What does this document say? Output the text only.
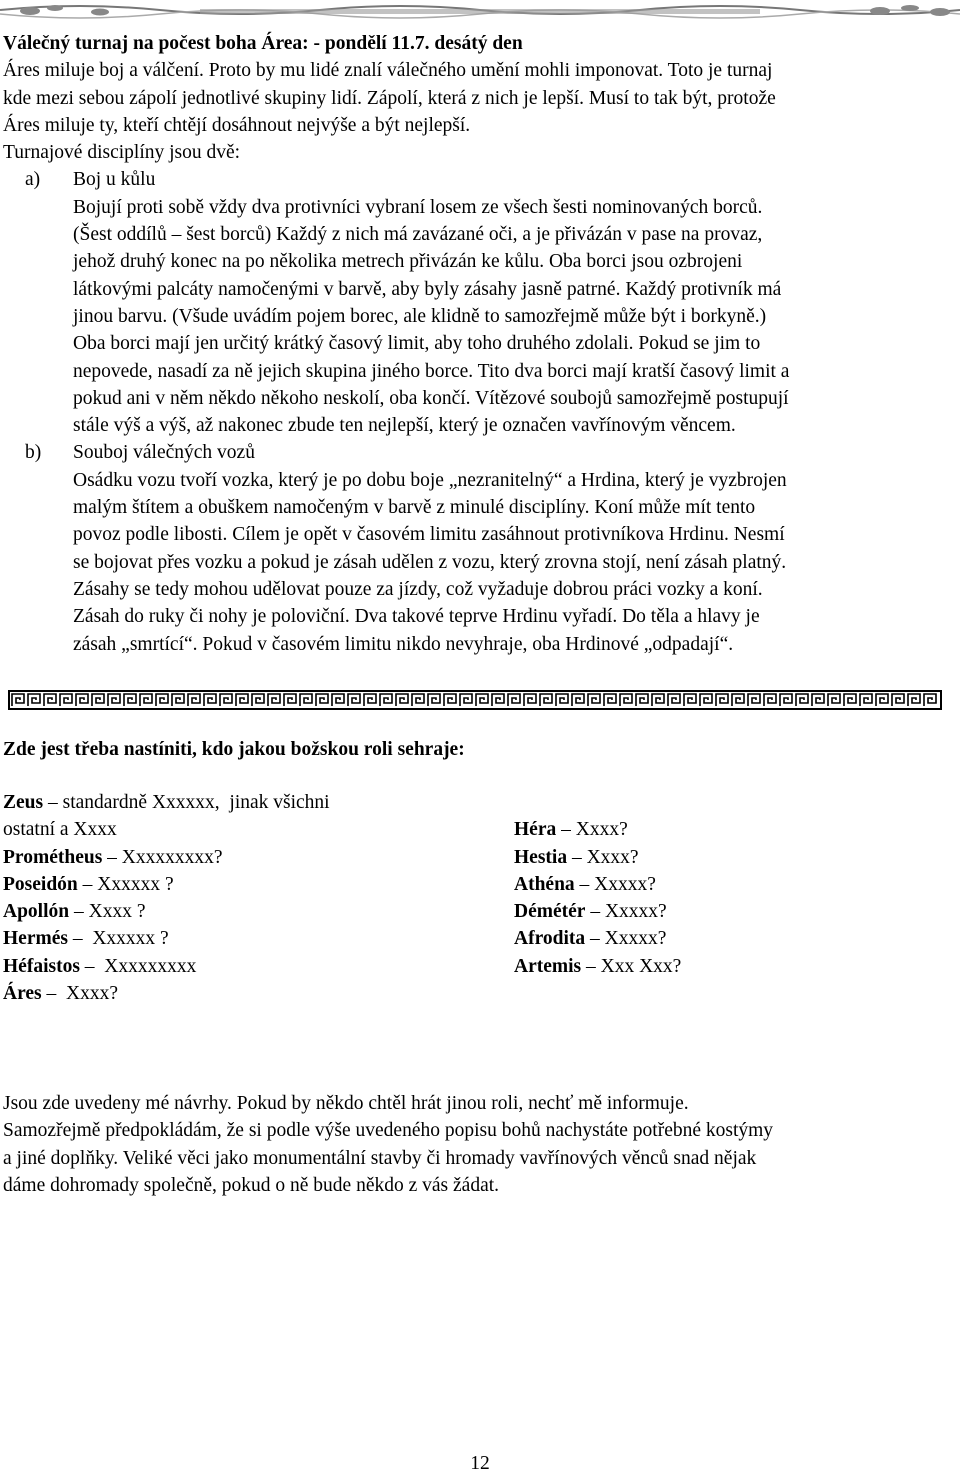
Válečný turnaj na počest boha Área: - pondělí 11.7. desátý den
Áres miluje boj a válčení. Proto by mu lidé znalí válečného umění mohli imponovat. Toto je turnaj
kde mezi sebou zápolí jednotlivé skupiny lidí. Zápolí, která z nich je lepší. Musí to tak být, protože
Áres miluje ty, kteří chtějí dosáhnout nejvýše a být nejlepší.
Turnajové disciplíny jsou dvě:
a) Boj u kůlu
Bojují proti sobě vždy dva protivníci vybraní losem ze všech šesti nominovaných borců.
(Šest oddílů – šest borců) Každý z nich má zavázané oči, a je přivázán v pase na provaz,
jehož druhý konec na po několika metrech přivázán ke kůlu. Oba borci jsou ozbrojeni
látkovými palcáty namočenými v barvě, aby byly zásahy jasně patrné. Každý protivník má
jinou barvu. (Všude uvádím pojem borec, ale klidně to samozřejmě může být i borkyně.)
Oba borci mají jen určitý krátký časový limit, aby toho druhého zdolali. Pokud se jim to
nepovede, nasadí za ně jejich skupina jiného borce. Tito dva borci mají kratší časový limit a
pokud ani v něm někdo někoho neskolí, oba končí. Vítězové soubojů samozřejmě postupují
stále výš a výš, až nakonec zbude ten nejlepší, který je označen vavřínovým věncem.
b) Souboj válečných vozů
Osádku vozu tvoří vozka, který je po dobu boje „nezranitelný“ a Hrdina, který je vyzbrojen
malým štítem a obuškem namočeným v barvě z minulé disciplíny. Koní může mít tento
povoz podle libosti. Cílem je opět v časovém limitu zasáhnout protivníkova Hrdinu. Nesmí
se bojovat přes vozku a pokud je zásah udělen z vozu, který zrovna stojí, není zásah platný.
Zásahy se tedy mohou udělovat pouze za jízdy, což vyžaduje dobrou práci vozky a koní.
Zásah do ruky či nohy je poloviční. Dva takové teprve Hrdinu vyřadí. Do těla a hlavy je
zásah „smrtící“. Pokud v časovém limitu nikdo nevyhraje, oba Hrdinové „odpadají“.
Zde jest třeba nastíniti, kdo jakou božskou roli sehraje:
Zeus – standardně Xxxxxx,  jinak všichni
ostatní a Xxxx
Prométheus – Xxxxxxxxx?
Poseidón – Xxxxxx ?
Apollón – Xxxx ?
Hermés –  Xxxxxx ?
Héfaistos –  Xxxxxxxxx
Áres –  Xxxx?
Héra – Xxxx?
Hestia – Xxxx?
Athéna – Xxxxx?
Démétér – Xxxxx?
Afrodita – Xxxxx?
Artemis – Xxx Xxx?
Jsou zde uvedeny mé návrhy. Pokud by někdo chtěl hrát jinou roli, nechť mě informuje.
Samozřejmě předpokládám, že si podle výše uvedeného popisu bohů nachystáte potřebné kostýmy
a jiné doplňky. Veliké věci jako monumentální stavby či hromady vavřínových věnců snad nějak
dáme dohromady společně, pokud o ně bude někdo z vás žádat.
12
